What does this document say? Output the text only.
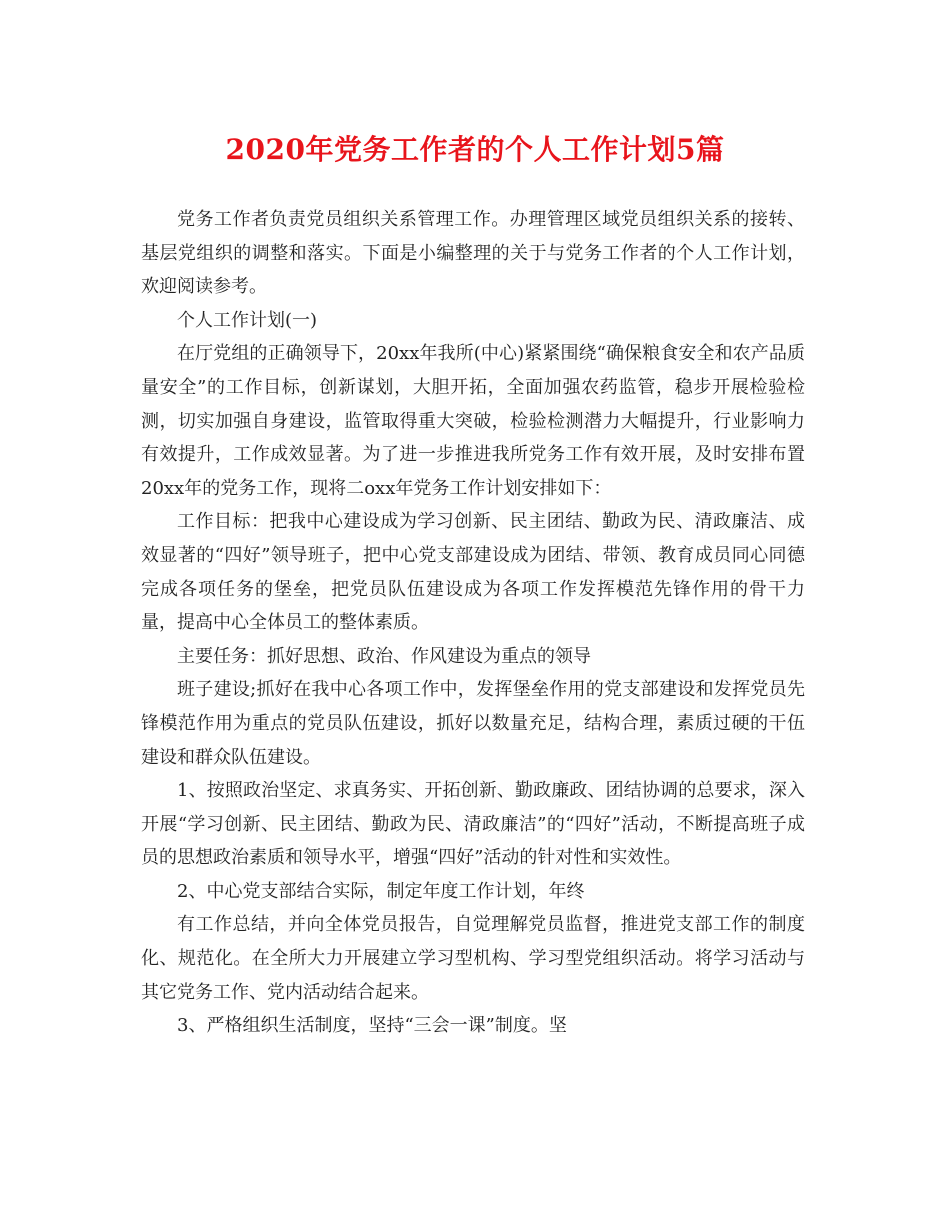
2020年党务工作者的个人工作计划5篇

党务工作者负责党员组织关系管理工作。办理管理区域党员组织关系的接转、基层党组织的调整和落实。下面是小编整理的关于与党务工作者的个人工作计划，欢迎阅读参考。

个人工作计划(一)

在厅党组的正确领导下，20xx年我所(中心)紧紧围绕“确保粮食安全和农产品质量安全”的工作目标，创新谋划，大胆开拓，全面加强农药监管，稳步开展检验检测，切实加强自身建设，监管取得重大突破，检验检测潜力大幅提升，行业影响力有效提升，工作成效显著。为了进一步推进我所党务工作有效开展，及时安排布置20xx年的党务工作，现将二oxx年党务工作计划安排如下：

工作目标：把我中心建设成为学习创新、民主团结、勤政为民、清政廉洁、成效显著的“四好”领导班子，把中心党支部建设成为团结、带领、教育成员同心同德完成各项任务的堡垒，把党员队伍建设成为各项工作发挥模范先锋作用的骨干力量，提高中心全体员工的整体素质。

主要任务：抓好思想、政治、作风建设为重点的领导

班子建设;抓好在我中心各项工作中，发挥堡垒作用的党支部建设和发挥党员先锋模范作用为重点的党员队伍建设，抓好以数量充足，结构合理，素质过硬的干伍建设和群众队伍建设。

1、按照政治坚定、求真务实、开拓创新、勤政廉政、团结协调的总要求，深入开展“学习创新、民主团结、勤政为民、清政廉洁”的“四好”活动，不断提高班子成员的思想政治素质和领导水平，增强“四好”活动的针对性和实效性。

2、中心党支部结合实际，制定年度工作计划，年终

有工作总结，并向全体党员报告，自觉理解党员监督，推进党支部工作的制度化、规范化。在全所大力开展建立学习型机构、学习型党组织活动。将学习活动与其它党务工作、党内活动结合起来。

3、严格组织生活制度，坚持“三会一课”制度。坚
